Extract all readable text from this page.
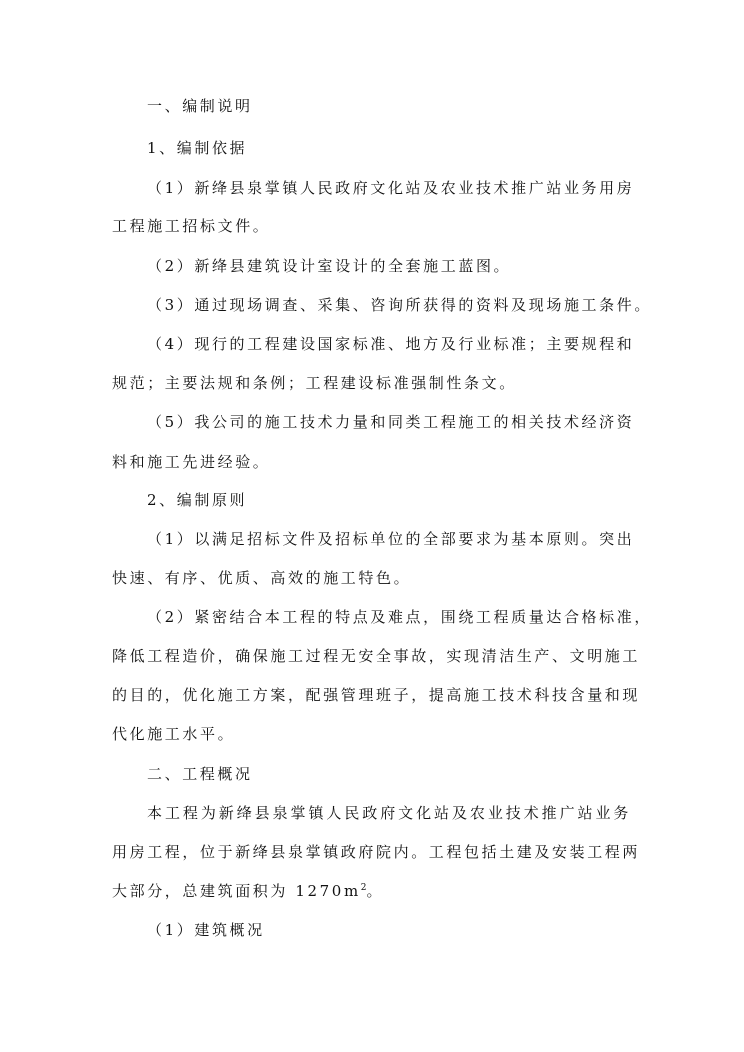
一、编制说明
1、编制依据
（1）新绛县泉掌镇人民政府文化站及农业技术推广站业务用房
工程施工招标文件。
（2）新绛县建筑设计室设计的全套施工蓝图。
（3）通过现场调查、采集、咨询所获得的资料及现场施工条件。
（4）现行的工程建设国家标准、地方及行业标准；主要规程和
规范；主要法规和条例；工程建设标准强制性条文。
（5）我公司的施工技术力量和同类工程施工的相关技术经济资
料和施工先进经验。
2、编制原则
（1）以满足招标文件及招标单位的全部要求为基本原则。突出
快速、有序、优质、高效的施工特色。
（2）紧密结合本工程的特点及难点，围绕工程质量达合格标准，
降低工程造价，确保施工过程无安全事故，实现清洁生产、文明施工
的目的，优化施工方案，配强管理班子，提高施工技术科技含量和现
代化施工水平。
二、工程概况
本工程为新绛县泉掌镇人民政府文化站及农业技术推广站业务
用房工程，位于新绛县泉掌镇政府院内。工程包括土建及安装工程两
大部分，总建筑面积为 $1270m^2$。
（1）建筑概况
